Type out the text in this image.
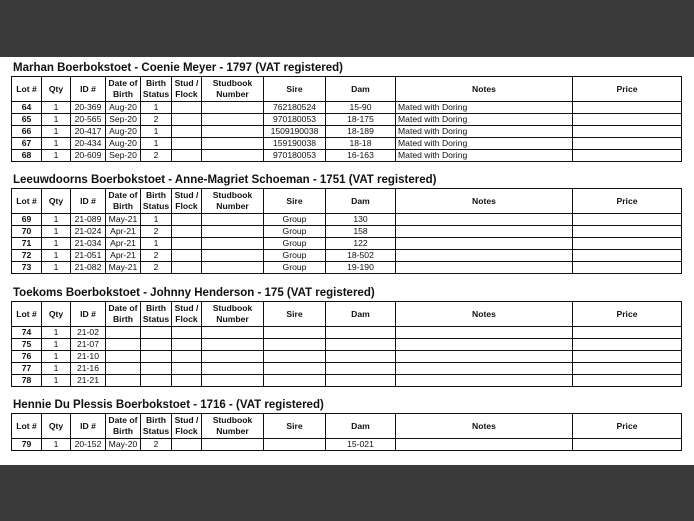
Marhan Boerbokstoet - Coenie Meyer - 1797 (VAT registered)
Lot #	Qty	ID #	Date of Birth	Birth Status	Stud / Flock	Studbook Number	Sire	Dam	Notes	Price
64	1	20-369	Aug-20	1			762180524	15-90	Mated with Doring	
65	1	20-565	Sep-20	2			970180053	18-175	Mated with Doring	
66	1	20-417	Aug-20	1			1509190038	18-189	Mated with Doring	
67	1	20-434	Aug-20	1			159190038	18-18	Mated with Doring	
68	1	20-609	Sep-20	2			970180053	16-163	Mated with Doring	
Leeuwdoorns Boerbokstoet - Anne-Magriet Schoeman - 1751 (VAT registered)
Lot #	Qty	ID #	Date of Birth	Birth Status	Stud / Flock	Studbook Number	Sire	Dam	Notes	Price
69	1	21-089	May-21	1			Group	130		
70	1	21-024	Apr-21	2			Group	158		
71	1	21-034	Apr-21	1			Group	122		
72	1	21-051	Apr-21	2			Group	18-502		
73	1	21-082	May-21	2			Group	19-190		
Toekoms Boerbokstoet - Johnny Henderson - 175 (VAT registered)
Lot #	Qty	ID #	Date of Birth	Birth Status	Stud / Flock	Studbook Number	Sire	Dam	Notes	Price
74	1	21-02								
75	1	21-07								
76	1	21-10								
77	1	21-16								
78	1	21-21								
Hennie Du Plessis Boerbokstoet - 1716 - (VAT registered)
Lot #	Qty	ID #	Date of Birth	Birth Status	Stud / Flock	Studbook Number	Sire	Dam	Notes	Price
79	1	20-152	May-20	2				15-021		
